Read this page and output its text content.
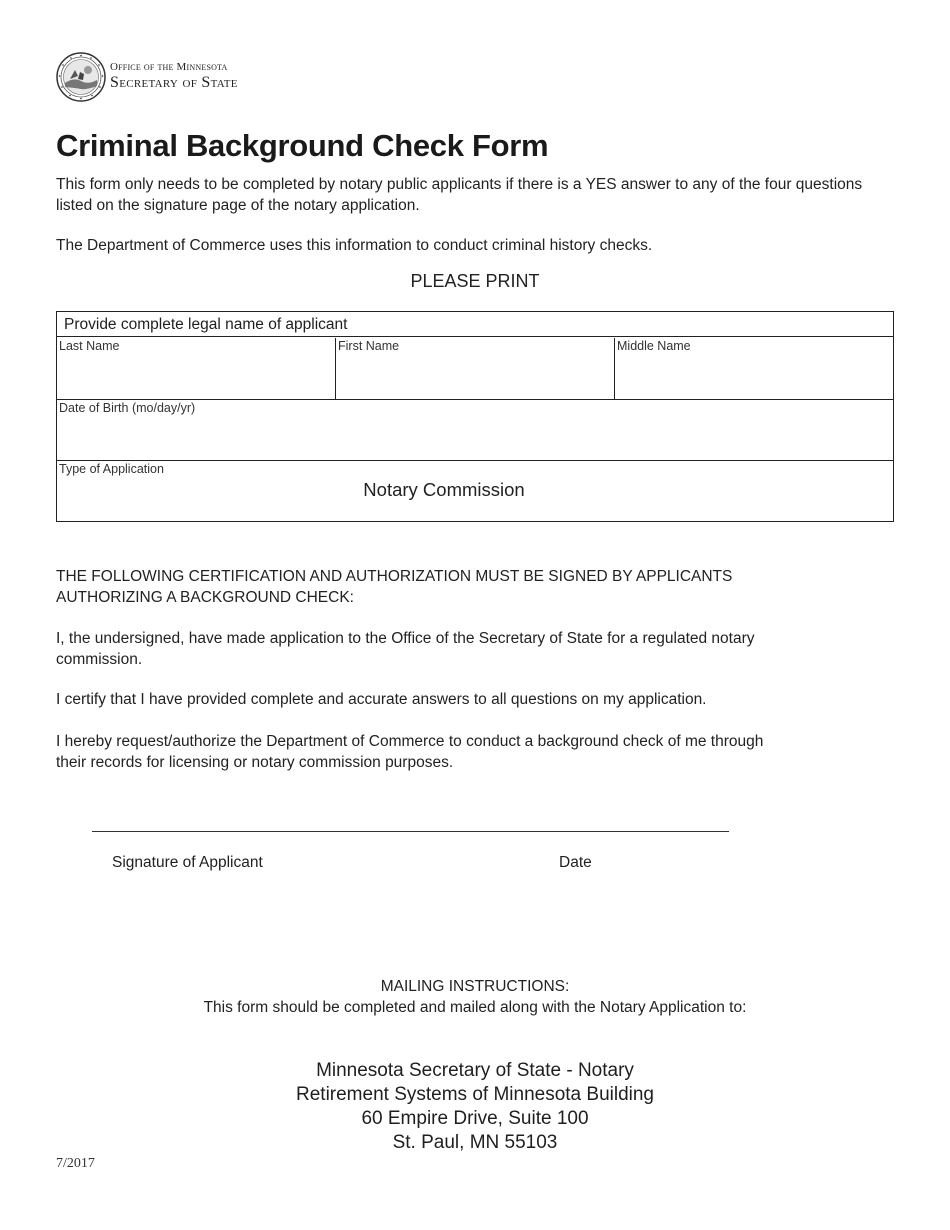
Office of the Minnesota
Secretary of State
Criminal Background Check Form
This form only needs to be completed by notary public applicants if there is a YES answer to any of the four questions listed on the signature page of the notary application.
The Department of Commerce uses this information to conduct criminal history checks.
PLEASE PRINT
Provide complete legal name of applicant
Last Name	First Name	Middle Name
Date of Birth (mo/day/yr)
Type of Application
Notary Commission
THE FOLLOWING CERTIFICATION AND AUTHORIZATION MUST BE SIGNED BY APPLICANTS AUTHORIZING A BACKGROUND CHECK:
I, the undersigned, have made application to the Office of the Secretary of State for a regulated notary commission.
I certify that I have provided complete and accurate answers to all questions on my application.
I hereby request/authorize the Department of Commerce to conduct a background check of me through their records for licensing or notary commission purposes.
Signature of Applicant	Date
MAILING INSTRUCTIONS:
This form should be completed and mailed along with the Notary Application to:
Minnesota Secretary of State - Notary
Retirement Systems of Minnesota Building
60 Empire Drive, Suite 100
St. Paul, MN 55103
7/2017
